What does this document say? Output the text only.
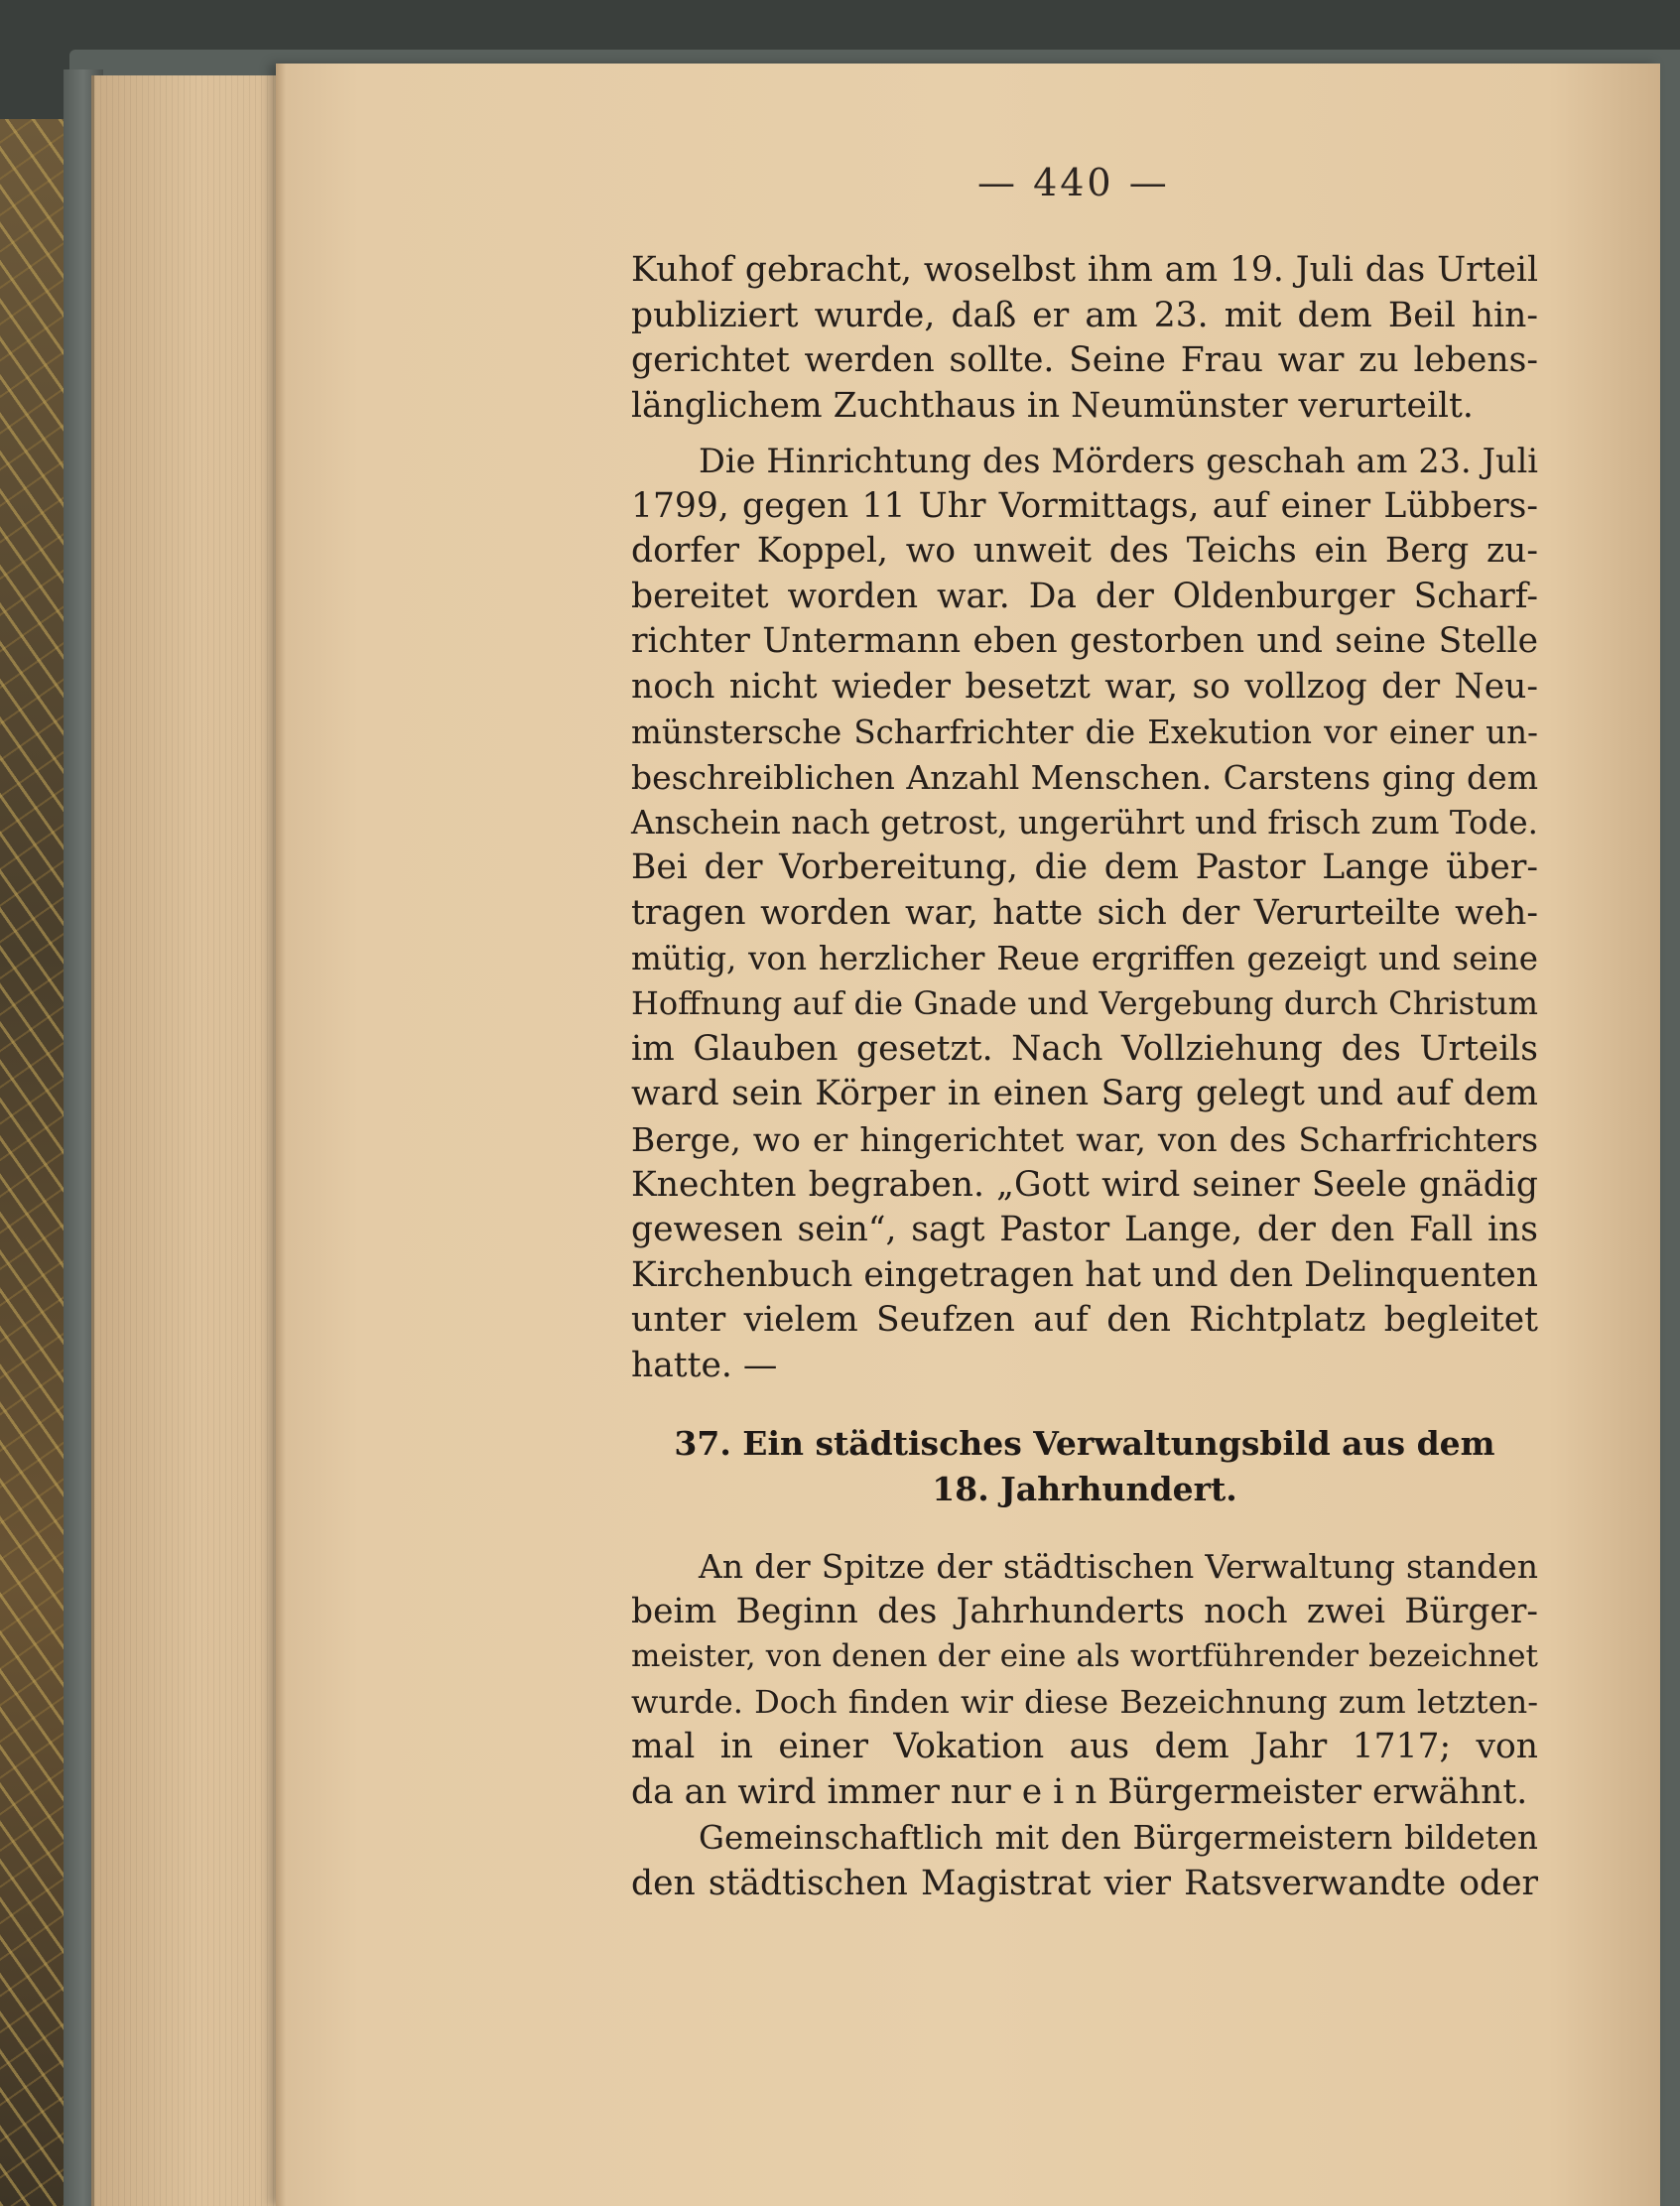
— 440 —
Kuhof gebracht, woselbst ihm am 19. Juli das Urteil
publiziert wurde, daß er am 23. mit dem Beil hin-
gerichtet werden sollte. Seine Frau war zu lebens-
länglichem Zuchthaus in Neumünster verurteilt.
Die Hinrichtung des Mörders geschah am 23. Juli
1799, gegen 11 Uhr Vormittags, auf einer Lübbers-
dorfer Koppel, wo unweit des Teichs ein Berg zu-
bereitet worden war. Da der Oldenburger Scharf-
richter Untermann eben gestorben und seine Stelle
noch nicht wieder besetzt war, so vollzog der Neu-
münstersche Scharfrichter die Exekution vor einer un-
beschreiblichen Anzahl Menschen. Carstens ging dem
Anschein nach getrost, ungerührt und frisch zum Tode.
Bei der Vorbereitung, die dem Pastor Lange über-
tragen worden war, hatte sich der Verurteilte weh-
mütig, von herzlicher Reue ergriffen gezeigt und seine
Hoffnung auf die Gnade und Vergebung durch Christum
im Glauben gesetzt. Nach Vollziehung des Urteils
ward sein Körper in einen Sarg gelegt und auf dem
Berge, wo er hingerichtet war, von des Scharfrichters
Knechten begraben. „Gott wird seiner Seele gnädig
gewesen sein“, sagt Pastor Lange, der den Fall ins
Kirchenbuch eingetragen hat und den Delinquenten
unter vielem Seufzen auf den Richtplatz begleitet
hatte. —
37. Ein städtisches Verwaltungsbild aus dem
18. Jahrhundert.
An der Spitze der städtischen Verwaltung standen
beim Beginn des Jahrhunderts noch zwei Bürger-
meister, von denen der eine als wortführender bezeichnet
wurde. Doch finden wir diese Bezeichnung zum letzten-
mal in einer Vokation aus dem Jahr 1717; von
da an wird immer nur e i n Bürgermeister erwähnt.
Gemeinschaftlich mit den Bürgermeistern bildeten
den städtischen Magistrat vier Ratsverwandte oder
